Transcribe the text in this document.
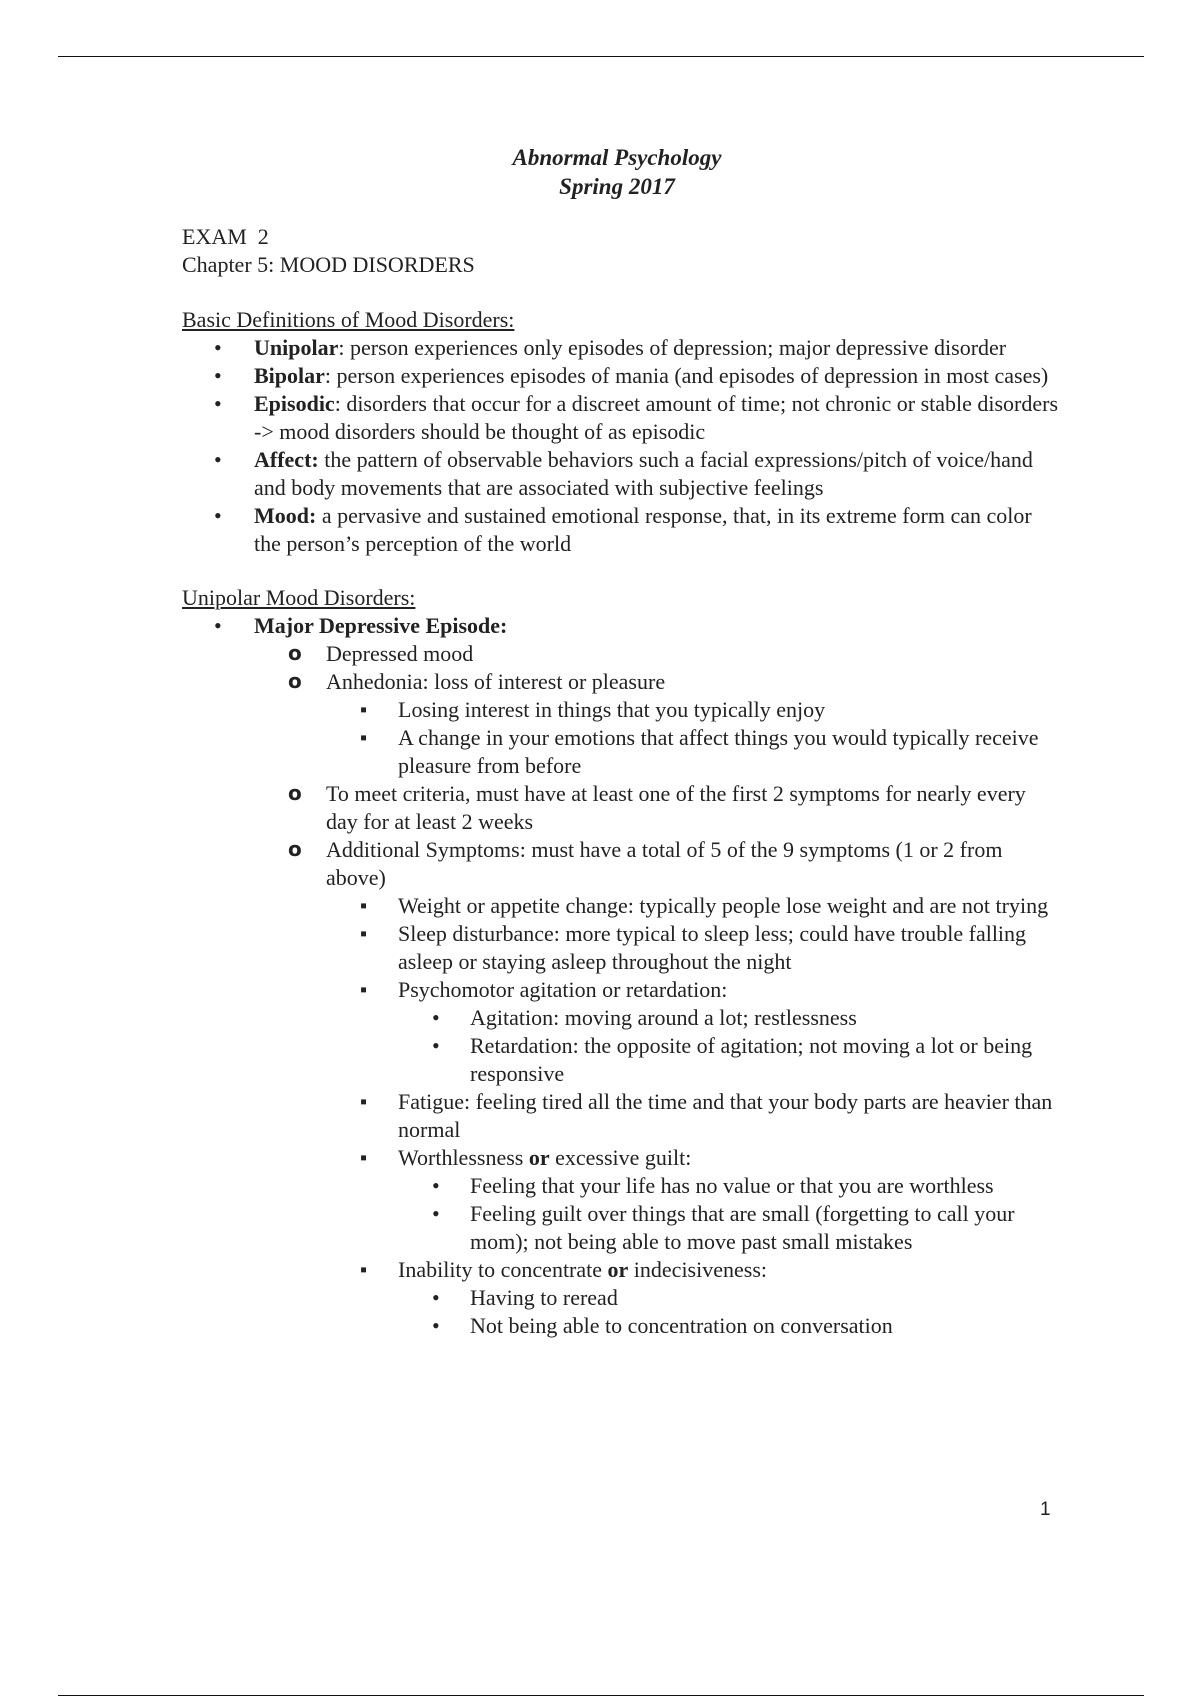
Abnormal Psychology
Spring 2017
EXAM  2
Chapter 5: MOOD DISORDERS
Basic Definitions of Mood Disorders:
• Unipolar: person experiences only episodes of depression; major depressive disorder
• Bipolar: person experiences episodes of mania (and episodes of depression in most cases)
• Episodic: disorders that occur for a discreet amount of time; not chronic or stable disorders -> mood disorders should be thought of as episodic
• Affect: the pattern of observable behaviors such a facial expressions/pitch of voice/hand and body movements that are associated with subjective feelings
• Mood: a pervasive and sustained emotional response, that, in its extreme form can color the person’s perception of the world
Unipolar Mood Disorders:
• Major Depressive Episode:
o Depressed mood
o Anhedonia: loss of interest or pleasure
▪ Losing interest in things that you typically enjoy
▪ A change in your emotions that affect things you would typically receive pleasure from before
o To meet criteria, must have at least one of the first 2 symptoms for nearly every day for at least 2 weeks
o Additional Symptoms: must have a total of 5 of the 9 symptoms (1 or 2 from above)
▪ Weight or appetite change: typically people lose weight and are not trying
▪ Sleep disturbance: more typical to sleep less; could have trouble falling asleep or staying asleep throughout the night
▪ Psychomotor agitation or retardation:
• Agitation: moving around a lot; restlessness
• Retardation: the opposite of agitation; not moving a lot or being responsive
▪ Fatigue: feeling tired all the time and that your body parts are heavier than normal
▪ Worthlessness or excessive guilt:
• Feeling that your life has no value or that you are worthless
• Feeling guilt over things that are small (forgetting to call your mom); not being able to move past small mistakes
▪ Inability to concentrate or indecisiveness:
• Having to reread
• Not being able to concentration on conversation
1
